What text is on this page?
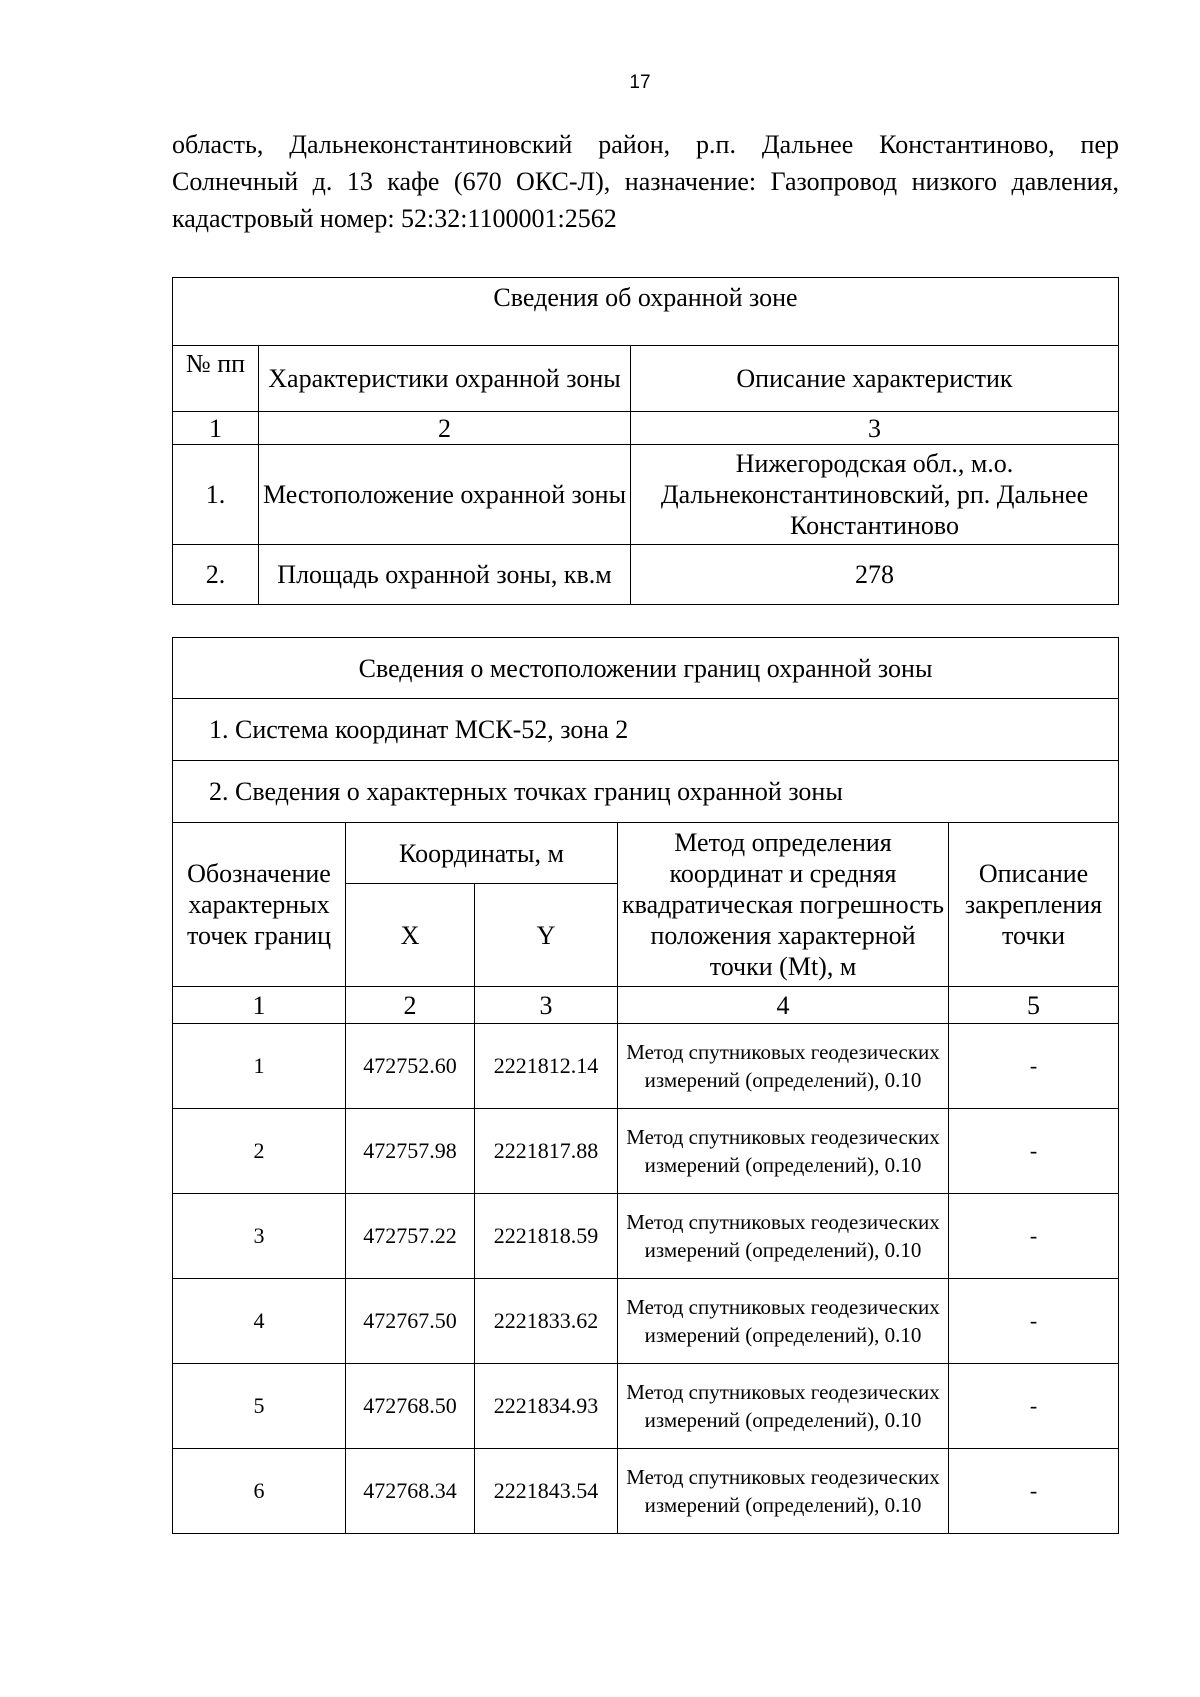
17
область, Дальнеконстантиновский район, р.п. Дальнее Константиново, пер Солнечный д. 13 кафе (670 ОКС-Л), назначение: Газопровод низкого давления, кадастровый номер: 52:32:1100001:2562
Сведения об охранной зоне		
№ пп	Характеристики охранной зоны	Описание характеристик
1	2	3
1.	Местоположение охранной зоны	Нижегородская обл., м.о. Дальнеконстантиновский, рп. Дальнее Константиново
2.	Площадь охранной зоны, кв.м	278
Сведения о местоположении границ охранной зоны				
1. Система координат МСК-52, зона 2				
2. Сведения о характерных точках границ охранной зоны				
Обозначение характерных точек границ	Координаты, м		Метод определения координат и средняя квадратическая погрешность положения характерной точки (Mt), м	Описание закрепления точки
	X	Y		
1	2	3	4	5
1	472752.60	2221812.14	Метод спутниковых геодезических измерений (определений), 0.10	-
2	472757.98	2221817.88	Метод спутниковых геодезических измерений (определений), 0.10	-
3	472757.22	2221818.59	Метод спутниковых геодезических измерений (определений), 0.10	-
4	472767.50	2221833.62	Метод спутниковых геодезических измерений (определений), 0.10	-
5	472768.50	2221834.93	Метод спутниковых геодезических измерений (определений), 0.10	-
6	472768.34	2221843.54	Метод спутниковых геодезических измерений (определений), 0.10	-
